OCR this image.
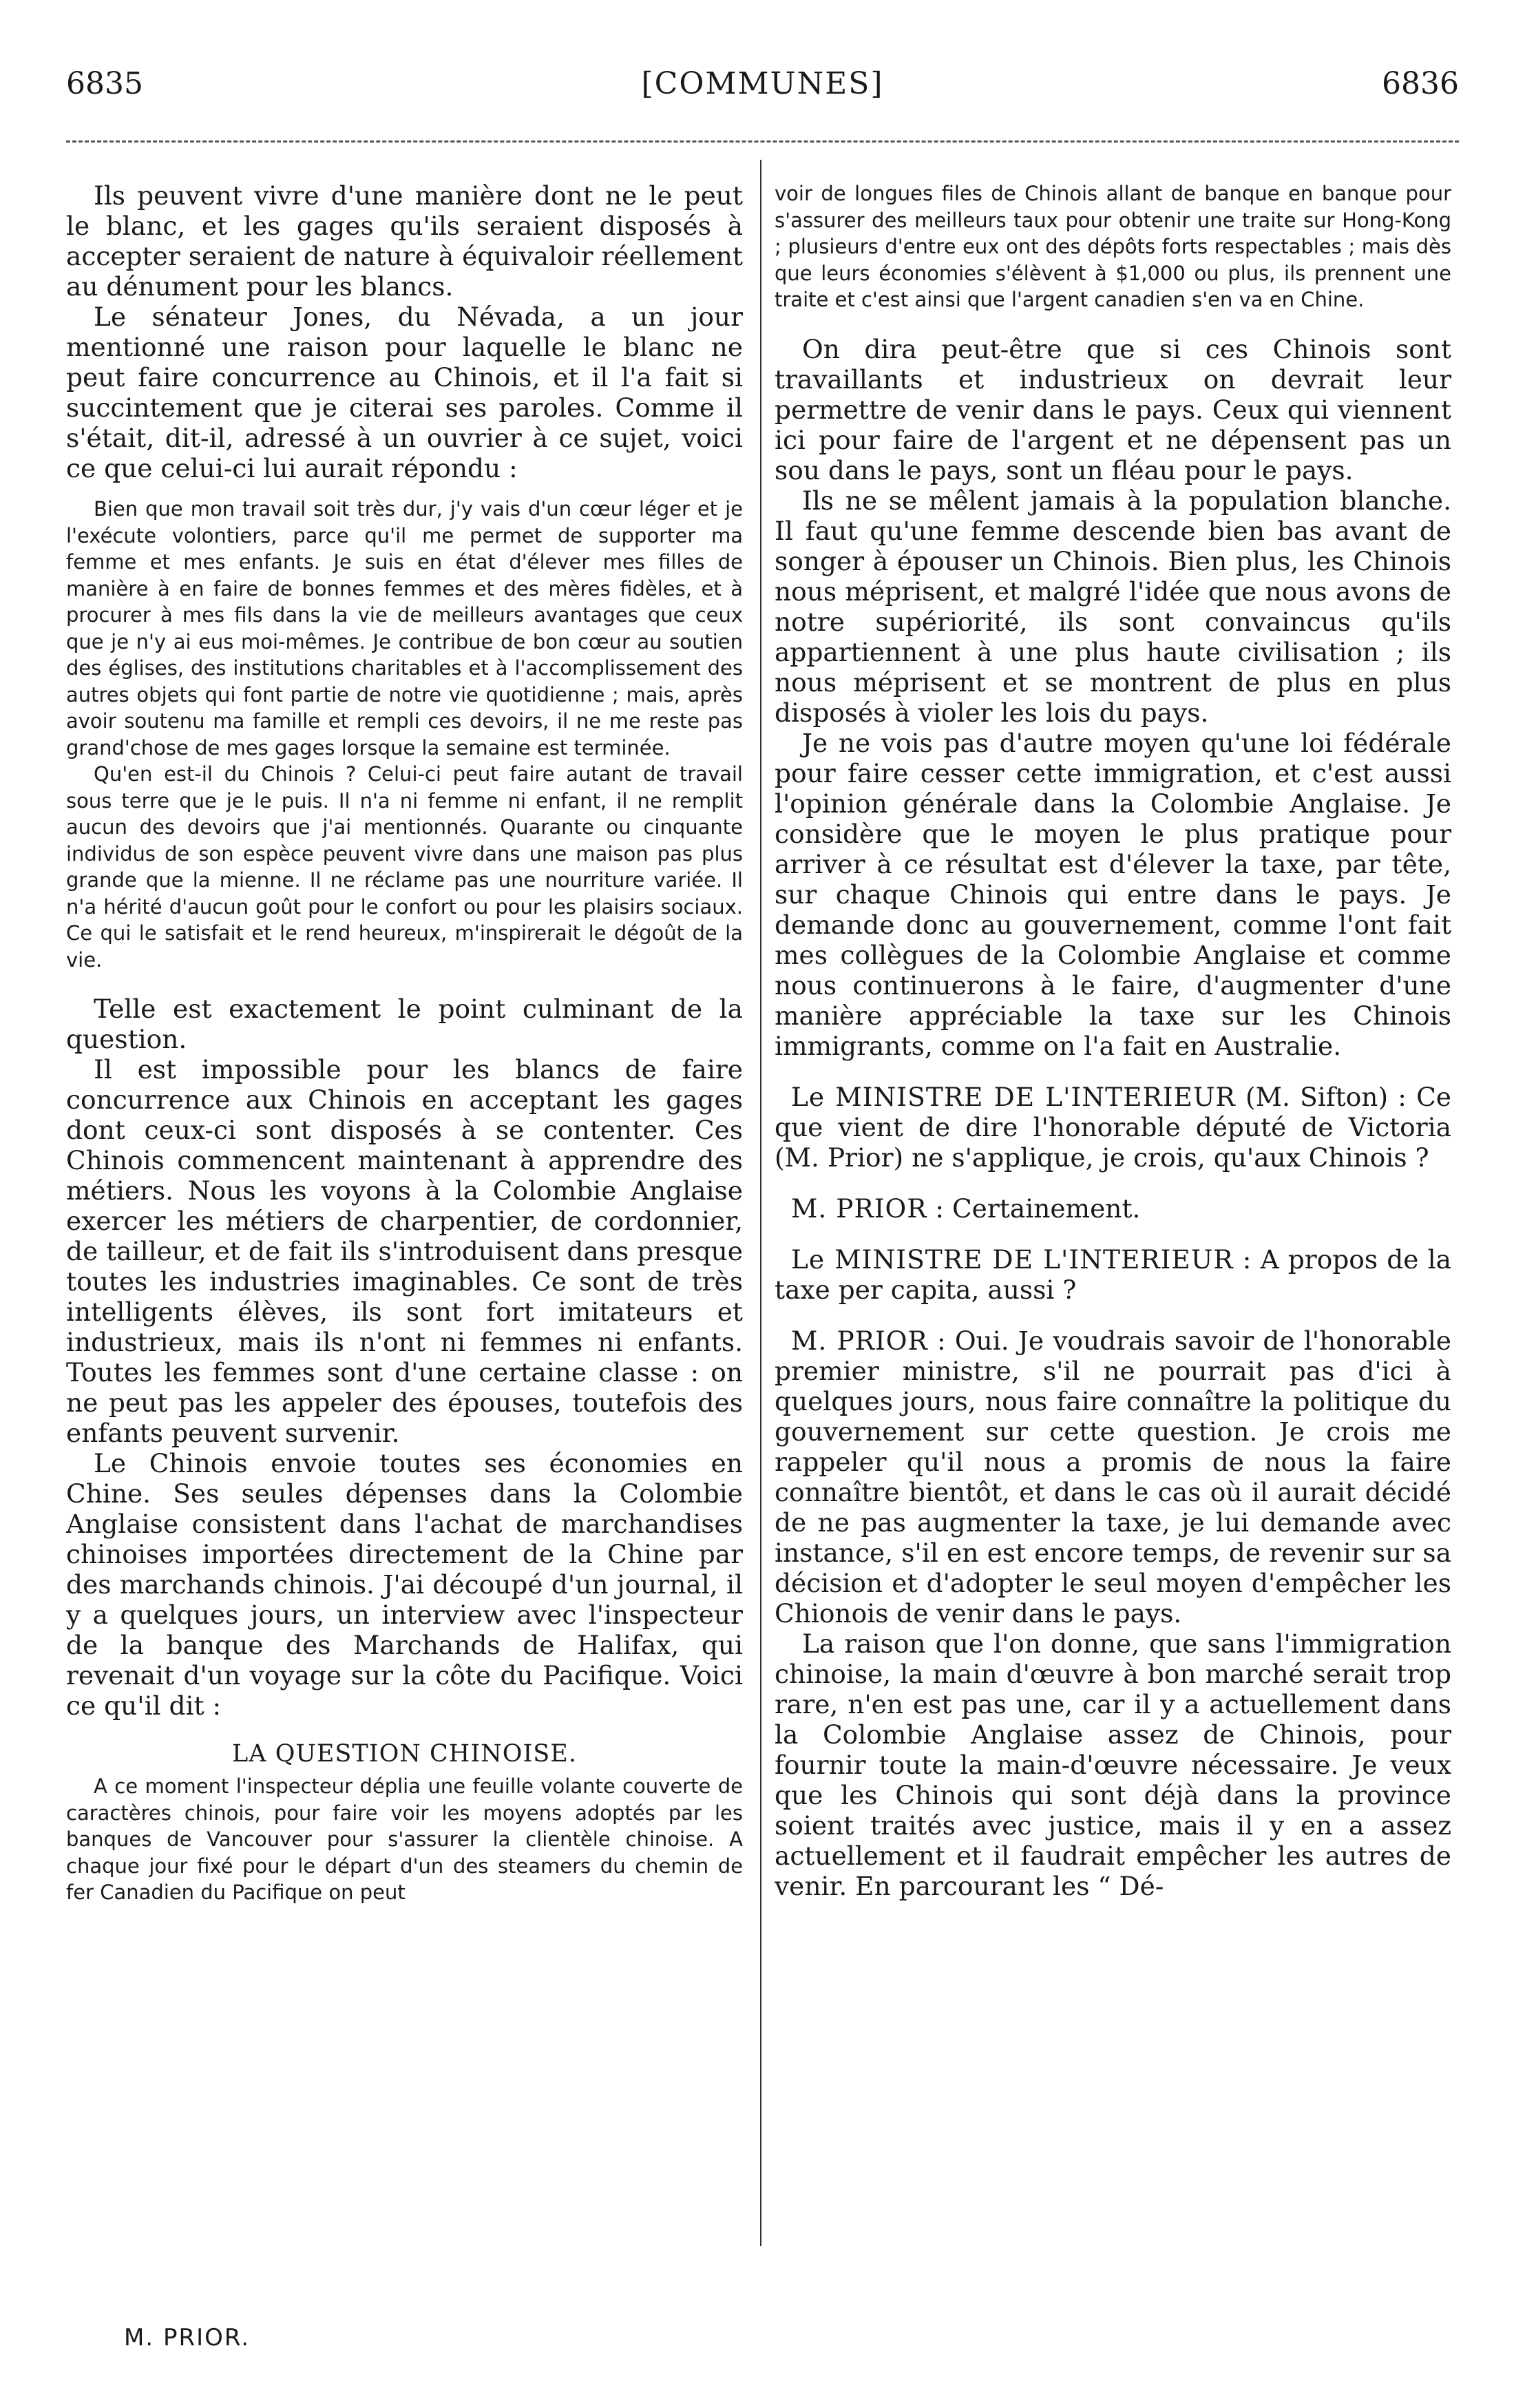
6835	[COMMUNES]	6836

Ils peuvent vivre d'une manière dont ne le peut le blanc, et les gages qu'ils seraient disposés à accepter seraient de nature à équivaloir réellement au dénument pour les blancs.

Le sénateur Jones, du Névada, a un jour mentionné une raison pour laquelle le blanc ne peut faire concurrence au Chinois, et il l'a fait si succintement que je citerai ses paroles. Comme il s'était, dit-il, adressé à un ouvrier à ce sujet, voici ce que celui-ci lui aurait répondu :

Bien que mon travail soit très dur, j'y vais d'un cœur léger et je l'exécute volontiers, parce qu'il me permet de supporter ma femme et mes enfants. Je suis en état d'élever mes filles de manière à en faire de bonnes femmes et des mères fidèles, et à procurer à mes fils dans la vie de meilleurs avantages que ceux que je n'y ai eus moi-mêmes. Je contribue de bon cœur au soutien des églises, des institutions charitables et à l'accomplissement des autres objets qui font partie de notre vie quotidienne ; mais, après avoir soutenu ma famille et rempli ces devoirs, il ne me reste pas grand'chose de mes gages lorsque la semaine est terminée.

Qu'en est-il du Chinois ? Celui-ci peut faire autant de travail sous terre que je le puis. Il n'a ni femme ni enfant, il ne remplit aucun des devoirs que j'ai mentionnés. Quarante ou cinquante individus de son espèce peuvent vivre dans une maison pas plus grande que la mienne. Il ne réclame pas une nourriture variée. Il n'a hérité d'aucun goût pour le confort ou pour les plaisirs sociaux. Ce qui le satisfait et le rend heureux, m'inspirerait le dégoût de la vie.

Telle est exactement le point culminant de la question.

Il est impossible pour les blancs de faire concurrence aux Chinois en acceptant les gages dont ceux-ci sont disposés à se contenter. Ces Chinois commencent maintenant à apprendre des métiers. Nous les voyons à la Colombie Anglaise exercer les métiers de charpentier, de cordonnier, de tailleur, et de fait ils s'introduisent dans presque toutes les industries imaginables. Ce sont de très intelligents élèves, ils sont fort imitateurs et industrieux, mais ils n'ont ni femmes ni enfants. Toutes les femmes sont d'une certaine classe : on ne peut pas les appeler des épouses, toutefois des enfants peuvent survenir.

Le Chinois envoie toutes ses économies en Chine. Ses seules dépenses dans la Colombie Anglaise consistent dans l'achat de marchandises chinoises importées directement de la Chine par des marchands chinois. J'ai découpé d'un journal, il y a quelques jours, un interview avec l'inspecteur de la banque des Marchands de Halifax, qui revenait d'un voyage sur la côte du Pacifique. Voici ce qu'il dit :

LA QUESTION CHINOISE.

A ce moment l'inspecteur déplia une feuille volante couverte de caractères chinois, pour faire voir les moyens adoptés par les banques de Vancouver pour s'assurer la clientèle chinoise. A chaque jour fixé pour le départ d'un des steamers du chemin de fer Canadien du Pacifique on peut

voir de longues files de Chinois allant de banque en banque pour s'assurer des meilleurs taux pour obtenir une traite sur Hong-Kong ; plusieurs d'entre eux ont des dépôts forts respectables ; mais dès que leurs économies s'élèvent à $1,000 ou plus, ils prennent une traite et c'est ainsi que l'argent canadien s'en va en Chine.

On dira peut-être que si ces Chinois sont travaillants et industrieux on devrait leur permettre de venir dans le pays. Ceux qui viennent ici pour faire de l'argent et ne dépensent pas un sou dans le pays, sont un fléau pour le pays.

Ils ne se mêlent jamais à la population blanche. Il faut qu'une femme descende bien bas avant de songer à épouser un Chinois. Bien plus, les Chinois nous méprisent, et malgré l'idée que nous avons de notre supériorité, ils sont convaincus qu'ils appartiennent à une plus haute civilisation ; ils nous méprisent et se montrent de plus en plus disposés à violer les lois du pays.

Je ne vois pas d'autre moyen qu'une loi fédérale pour faire cesser cette immigration, et c'est aussi l'opinion générale dans la Colombie Anglaise. Je considère que le moyen le plus pratique pour arriver à ce résultat est d'élever la taxe, par tête, sur chaque Chinois qui entre dans le pays. Je demande donc au gouvernement, comme l'ont fait mes collègues de la Colombie Anglaise et comme nous continuerons à le faire, d'augmenter d'une manière appréciable la taxe sur les Chinois immigrants, comme on l'a fait en Australie.

Le MINISTRE DE L'INTERIEUR (M. Sifton) : Ce que vient de dire l'honorable député de Victoria (M. Prior) ne s'applique, je crois, qu'aux Chinois ?

M. PRIOR : Certainement.

Le MINISTRE DE L'INTERIEUR : A propos de la taxe per capita, aussi ?

M. PRIOR : Oui. Je voudrais savoir de l'honorable premier ministre, s'il ne pourrait pas d'ici à quelques jours, nous faire connaître la politique du gouvernement sur cette question. Je crois me rappeler qu'il nous a promis de nous la faire connaître bientôt, et dans le cas où il aurait décidé de ne pas augmenter la taxe, je lui demande avec instance, s'il en est encore temps, de revenir sur sa décision et d'adopter le seul moyen d'empêcher les Chionois de venir dans le pays.

La raison que l'on donne, que sans l'immigration chinoise, la main d'œuvre à bon marché serait trop rare, n'en est pas une, car il y a actuellement dans la Colombie Anglaise assez de Chinois, pour fournir toute la main-d'œuvre nécessaire. Je veux que les Chinois qui sont déjà dans la province soient traités avec justice, mais il y en a assez actuellement et il faudrait empêcher les autres de venir. En parcourant les “ Dé-

M. PRIOR.
